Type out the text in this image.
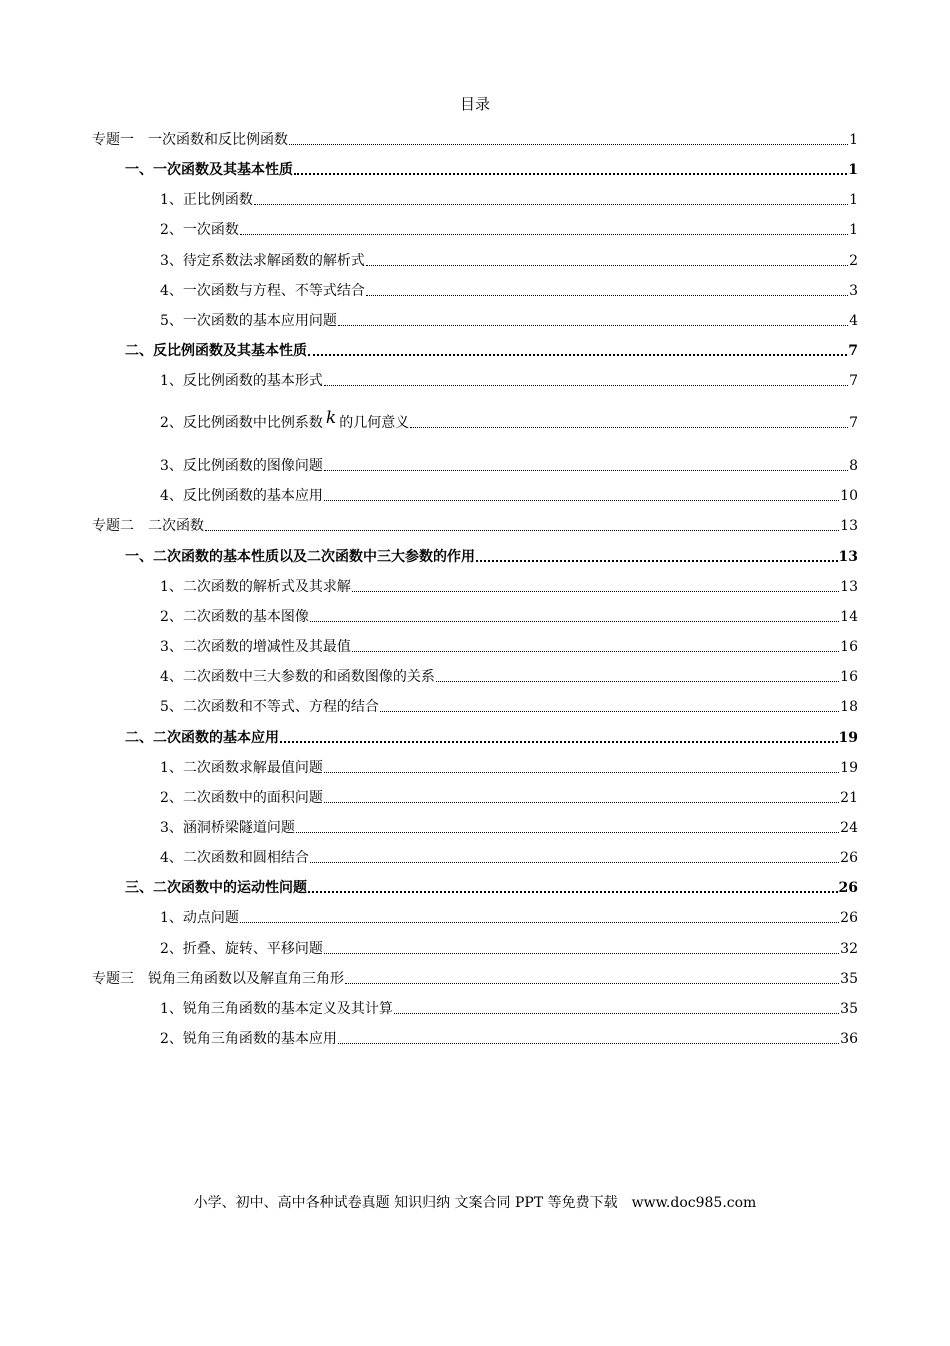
目录
专题一　一次函数和反比例函数	1
一、一次函数及其基本性质	1
1、正比例函数	1
2、一次函数	1
3、待定系数法求解函数的解析式	2
4、一次函数与方程、不等式结合	3
5、一次函数的基本应用问题	4
二、反比例函数及其基本性质	7
1、反比例函数的基本形式	7
2、反比例函数中比例系数 k 的几何意义	7
3、反比例函数的图像问题	8
4、反比例函数的基本应用	10
专题二　二次函数	13
一、二次函数的基本性质以及二次函数中三大参数的作用	13
1、二次函数的解析式及其求解	13
2、二次函数的基本图像	14
3、二次函数的增减性及其最值	16
4、二次函数中三大参数的和函数图像的关系	16
5、二次函数和不等式、方程的结合	18
二、二次函数的基本应用	19
1、二次函数求解最值问题	19
2、二次函数中的面积问题	21
3、涵洞桥梁隧道问题	24
4、二次函数和圆相结合	26
三、二次函数中的运动性问题	26
1、动点问题	26
2、折叠、旋转、平移问题	32
专题三　锐角三角函数以及解直角三角形	35
1、锐角三角函数的基本定义及其计算	35
2、锐角三角函数的基本应用	36
小学、初中、高中各种试卷真题 知识归纳 文案合同 PPT 等免费下载　www.doc985.com
